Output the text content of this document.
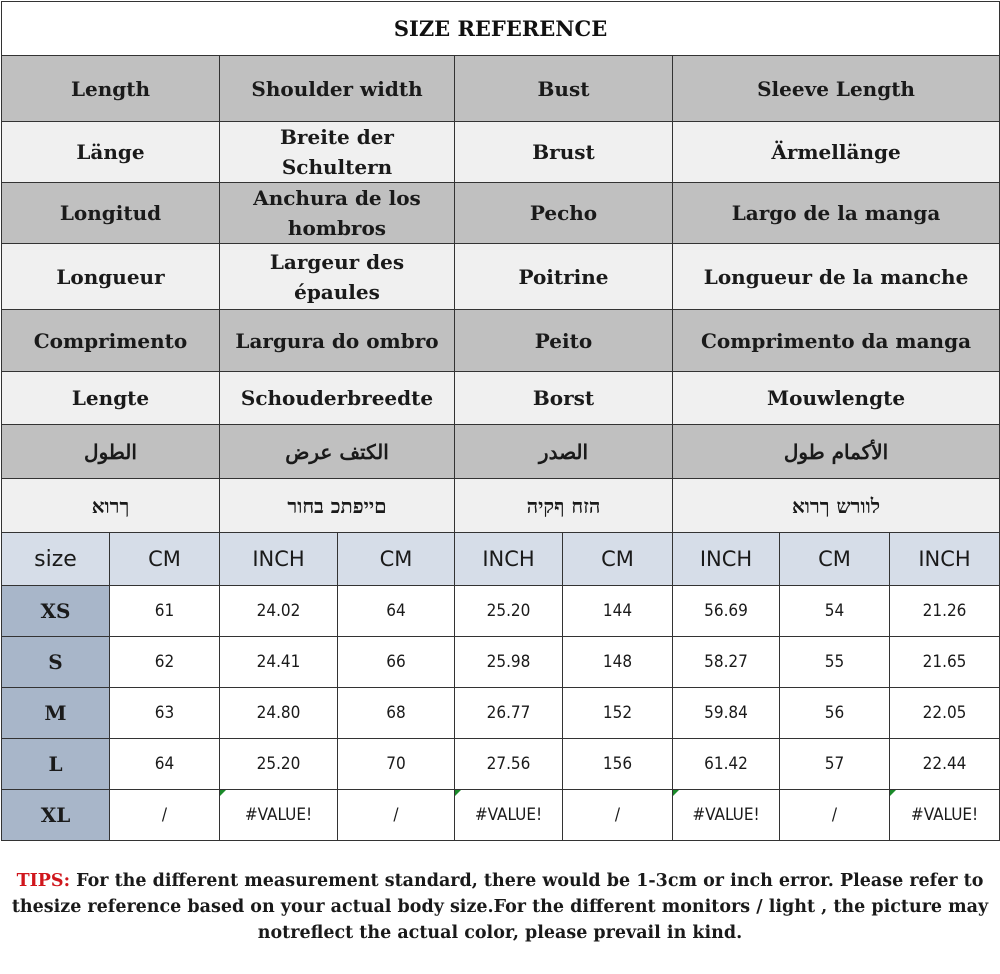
SIZE REFERENCE								
Length		Shoulder width		Bust		Sleeve Length		
Länge		Breite der Schultern		Brust		Ärmellänge		
Longitud		Anchura de los hombros		Pecho		Largo de la manga		
Longueur		Largeur des épaules		Poitrine		Longueur de la manche		
Comprimento		Largura do ombro		Peito		Comprimento da manga		
Lengte		Schouderbreedte		Borst		Mouwlengte		
الطول		الكتف عرض		الصدر		الأكمام طول		
ךרוא		םייפתכ בחור		הזח ףקיה		לוורש ךרוא		
size	CM	INCH	CM	INCH	CM	INCH	CM	INCH
XS	61	24.02	64	25.20	144	56.69	54	21.26
S	62	24.41	66	25.98	148	58.27	55	21.65
M	63	24.80	68	26.77	152	59.84	56	22.05
L	64	25.20	70	27.56	156	61.42	57	22.44
XL	/	#VALUE!	/	#VALUE!	/	#VALUE!	/	#VALUE!
TIPS: For the different measurement standard, there would be 1-3cm or inch error. Please refer to thesize reference based on your actual body size.For the different monitors / light , the picture may notreflect the actual color, please prevail in kind.
